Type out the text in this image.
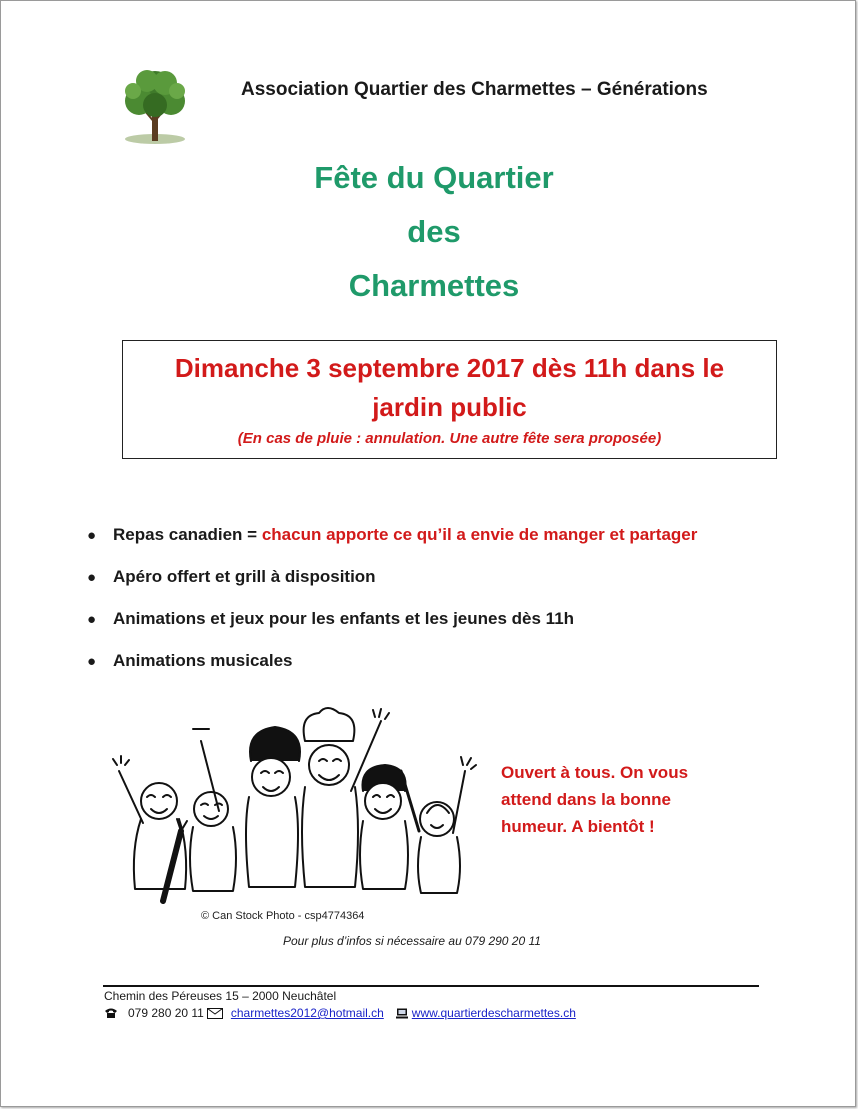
Association Quartier des Charmettes – Générations
Fête du Quartier
des
Charmettes
Dimanche 3 septembre 2017 dès 11h dans le
jardin public
(En cas de pluie : annulation. Une autre fête sera proposée)
● Repas canadien = chacun apporte ce qu’il a envie de manger et partager
● Apéro offert et grill à disposition
● Animations et jeux pour les enfants et les jeunes dès 11h
● Animations musicales
© Can Stock Photo - csp4774364
Ouvert à tous. On vous
attend dans la bonne
humeur. A bientôt !
Pour plus d’infos si nécessaire au 079 290 20 11
Chemin des Péreuses 15 – 2000 Neuchâtel
079 280 20 11 charmettes2012@hotmail.ch www.quartierdescharmettes.ch
